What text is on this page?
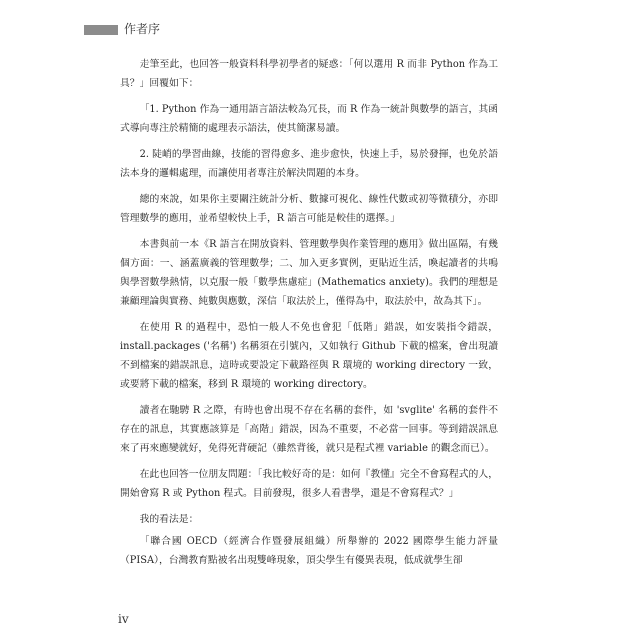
作者序

走筆至此，也回答一般資料科學初學者的疑惑：「何以選用 R 而非 Python 作為工具？」回覆如下：

「1. Python 作為一通用語言語法較為冗長，而 R 作為一統計與數學的語言，其函式導向專注於精簡的處理表示語法，使其簡潔易讀。

2. 陡峭的學習曲線，技能的習得愈多、進步愈快，快速上手，易於發揮，也免於語法本身的邏輯處理，而讓使用者專注於解決問題的本身。

總的來說，如果你主要關注統計分析、數據可視化、線性代數或初等微積分，亦即管理數學的應用，並希望較快上手，R 語言可能是較佳的選擇。」

本書與前一本《R 語言在開放資料、管理數學與作業管理的應用》做出區隔，有幾個方面：一、涵蓋廣義的管理數學；二、加入更多實例，更貼近生活，喚起讀者的共鳴與學習數學熱情，以克服一般「數學焦慮症」(Mathematics anxiety)。我們的理想是兼顧理論與實務、純數與應數，深信「取法於上，僅得為中，取法於中，故為其下」。

在使用 R 的過程中，恐怕一般人不免也會犯「低階」錯誤，如安裝指令錯誤，install.packages ('名稱') 名稱須在引號內，又如執行 Github 下載的檔案，會出現讀不到檔案的錯誤訊息，這時或要設定下載路徑與 R 環境的 working directory 一致，或要將下載的檔案，移到 R 環境的 working directory。

讀者在馳騁 R 之際，有時也會出現不存在名稱的套件，如 'svglite' 名稱的套件不存在的訊息，其實應該算是「高階」錯誤，因為不重要，不必當一回事。等到錯誤訊息來了再來應變就好，免得死背硬記（雖然背後，就只是程式裡 variable 的觀念而已）。

在此也回答一位朋友問題：「我比較好奇的是：如何『教懂』完全不會寫程式的人，開始會寫 R 或 Python 程式。目前發現，很多人看書學，還是不會寫程式？」

我的看法是：

「聯合國 OECD（經濟合作暨發展組織）所舉辦的 2022 國際學生能力評量（PISA），台灣教育點被名出現雙峰現象，頂尖學生有優異表現，低成就學生卻

iv
